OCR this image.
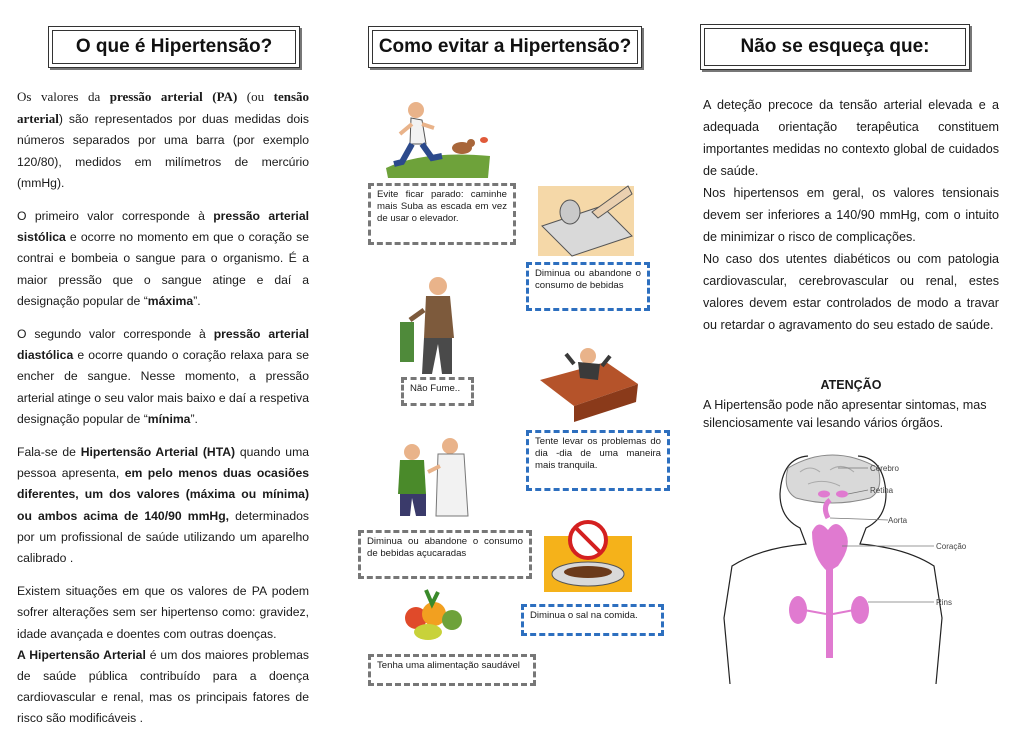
O que é Hipertensão?

Os valores da pressão arterial (PA) (ou tensão arterial) são representados por duas medidas dois números separados por uma barra (por exemplo 120/80), medidos em milímetros de mercúrio (mmHg).

O primeiro valor corresponde à pressão arterial sistólica e ocorre no momento em que o coração se contrai e bombeia o sangue para o organismo. É a maior pressão que o sangue atinge e daí a designação popular de “máxima”.

O segundo valor corresponde à pressão arterial diastólica e ocorre quando o coração relaxa para se encher de sangue. Nesse momento, a pressão arterial atinge o seu valor mais baixo e daí a respetiva designação popular de “mínima”.

Fala-se de Hipertensão Arterial (HTA) quando uma pessoa apresenta, em pelo menos duas ocasiões diferentes, um dos valores (máxima ou mínima) ou ambos acima de 140/90 mmHg, determinados por um profissional de saúde utilizando um aparelho calibrado .

Existem situações em que os valores de PA podem sofrer alterações sem ser hipertenso como: gravidez, idade avançada e doentes com outras doenças.

A Hipertensão Arterial é um dos maiores problemas de saúde pública contribuído para a doença cardiovascular e renal, mas os principais fatores de risco são modificáveis .

Como evitar a Hipertensão?
Evite ficar parado: caminhe mais Suba as escada em vez de usar o elevador.
Diminua ou abandone o consumo de bebidas
Não Fume..
Tente levar os problemas do dia -dia de uma maneira mais tranquila.
Diminua ou abandone o consumo de bebidas açucaradas
Diminua o sal na comida.
Tenha uma alimentação saudável
Não se esqueça que:

A deteção precoce da tensão arterial elevada e a adequada orientação terapêutica constituem importantes medidas no contexto global de cuidados de saúde.

Nos hipertensos em geral, os valores tensionais devem ser inferiores a 140/90 mmHg, com o intuito de minimizar o risco de complicações.

No caso dos utentes diabéticos ou com patologia cardiovascular, cerebrovascular ou renal, estes valores devem estar controlados de modo a travar ou retardar o agravamento do seu estado de saúde.

ATENÇÃO
A Hipertensão pode não apresentar sintomas, mas silenciosamente vai lesando vários órgãos.
Cérebro
Retina
Aorta
Coração
Rins
